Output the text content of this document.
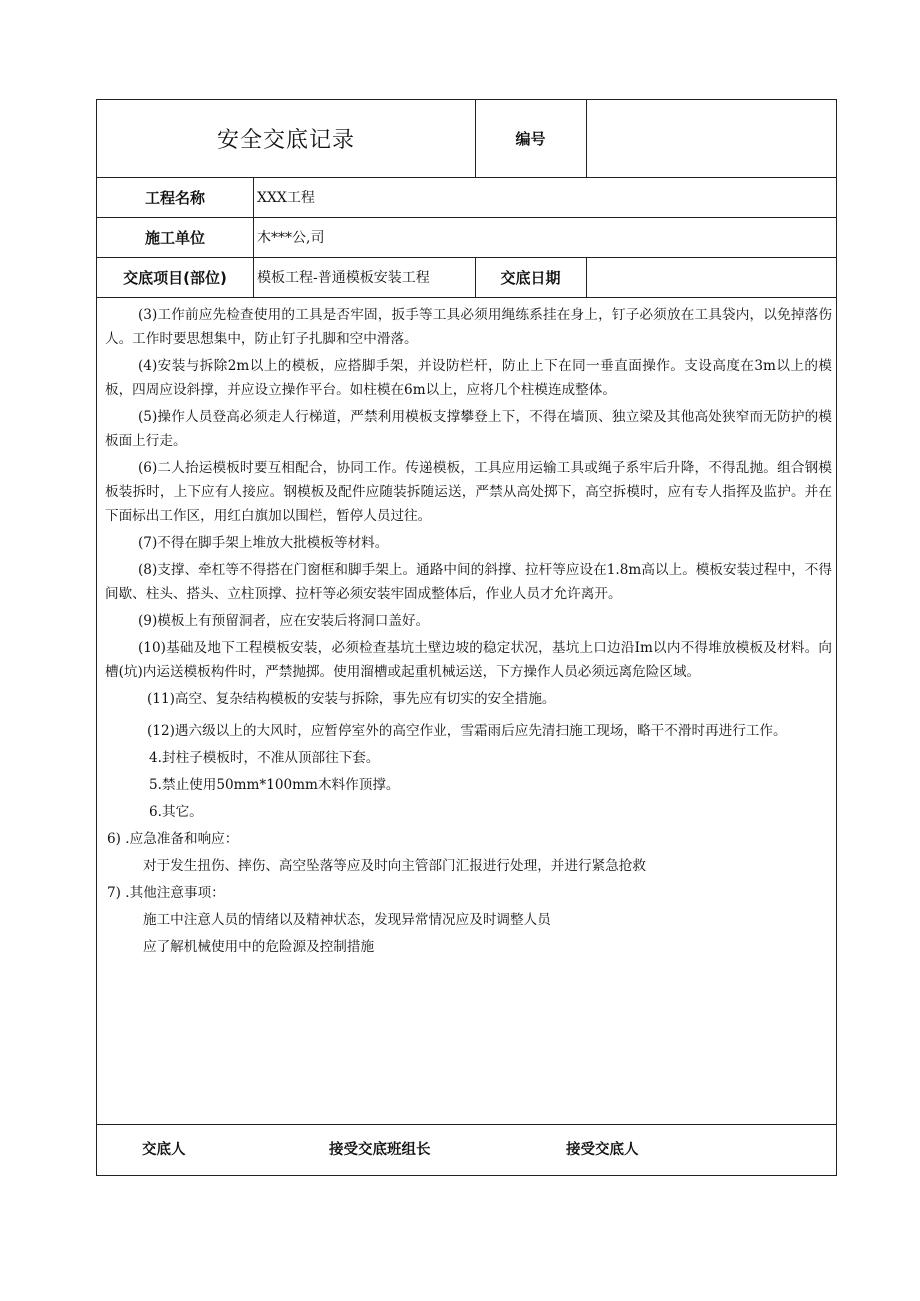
安全交底记录	编号
工程名称	XXX工程
施工单位	木***公,司
交底项目(部位)	模板工程-普通模板安装工程	交底日期

(3)工作前应先检查使用的工具是否牢固，扳手等工具必须用绳练系挂在身上，钉子必须放在工具袋内，以免掉落伤人。工作时要思想集中，防止钉子扎脚和空中滑落。

(4)安装与拆除2m以上的模板，应搭脚手架，并设防栏杆，防止上下在同一垂直面操作。支设高度在3m以上的模板，四周应设斜撑，并应设立操作平台。如柱模在6m以上，应将几个柱模连成整体。

(5)操作人员登高必须走人行梯道，严禁利用模板支撑攀登上下，不得在墙顶、独立梁及其他高处狭窄而无防护的模板面上行走。

(6)二人抬运模板时要互相配合，协同工作。传递模板，工具应用运输工具或绳子系牢后升降，不得乱抛。组合钢模板装拆时，上下应有人接应。钢模板及配件应随装拆随运送，严禁从高处掷下，高空拆模时，应有专人指挥及监护。并在下面标出工作区，用红白旗加以围栏，暂停人员过往。

(7)不得在脚手架上堆放大批模板等材料。

(8)支撑、牵杠等不得搭在门窗框和脚手架上。通路中间的斜撑、拉杆等应设在1.8m高以上。模板安装过程中，不得间歇、柱头、搭头、立柱顶撑、拉杆等必须安装牢固成整体后，作业人员才允许离开。

(9)模板上有预留洞者，应在安装后将洞口盖好。

(10)基础及地下工程模板安装，必须检查基坑土壁边坡的稳定状况，基坑上口边沿Im以内不得堆放模板及材料。向槽(坑)内运送模板构件时，严禁抛掷。使用溜槽或起重机械运送，下方操作人员必须远离危险区域。

(11)高空、复杂结构模板的安装与拆除，事先应有切实的安全措施。

(12)遇六级以上的大风时，应暂停室外的高空作业，雪霜雨后应先清扫施工现场，略干不滑时再进行工作。

4.封柱子模板时，不准从顶部往下套。
5.禁止使用50mm*100mm木料作顶撑。
6.其它。
6) .应急准备和响应：
对于发生扭伤、摔伤、高空坠落等应及时向主管部门汇报进行处理，并进行紧急抢救
7) .其他注意事项：
施工中注意人员的情绪以及精神状态，发现异常情况应及时调整人员
应了解机械使用中的危险源及控制措施
交底人	接受交底班组长	接受交底人
